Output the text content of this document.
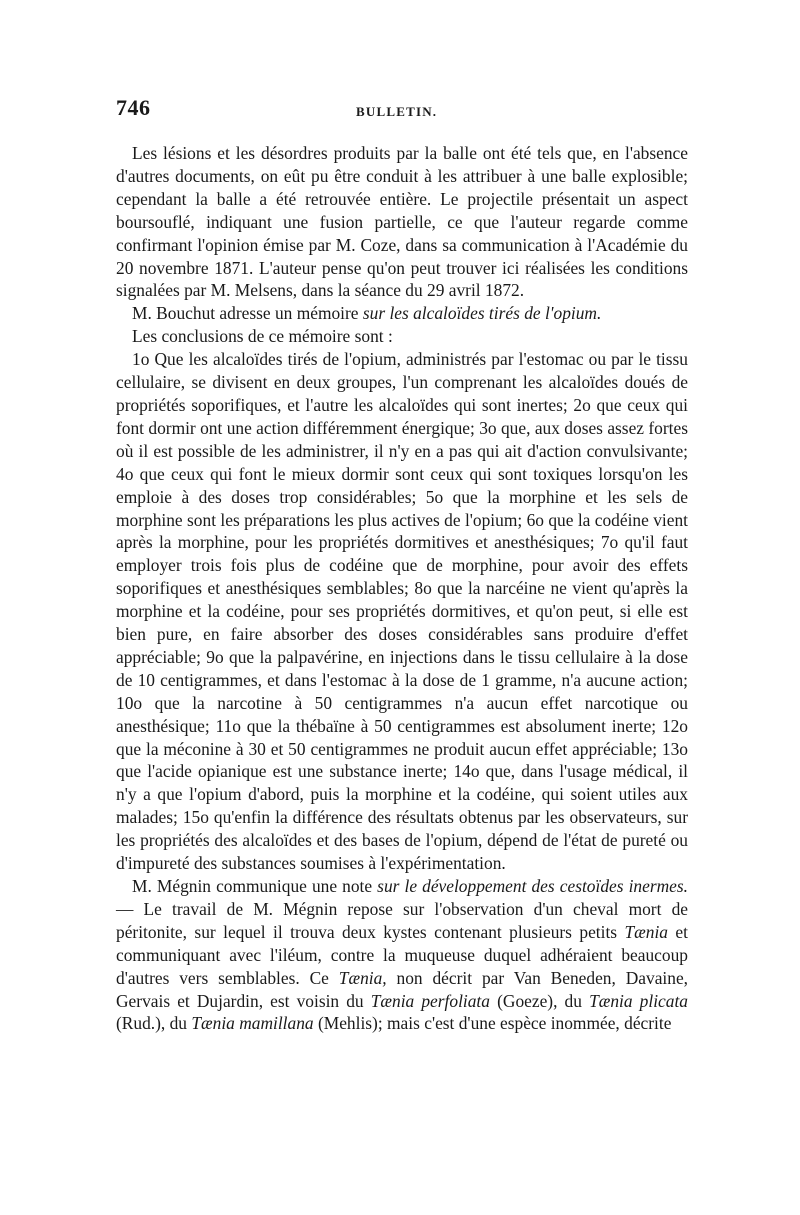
746	BULLETIN.

Les lésions et les désordres produits par la balle ont été tels que, en l'absence d'autres documents, on eût pu être conduit à les attribuer à une balle explosible; cependant la balle a été retrouvée entière. Le projectile présentait un aspect boursouflé, indiquant une fusion partielle, ce que l'auteur regarde comme confirmant l'opinion émise par M. Coze, dans sa communication à l'Académie du 20 novembre 1871. L'auteur pense qu'on peut trouver ici réalisées les conditions signalées par M. Melsens, dans la séance du 29 avril 1872.

M. Bouchut adresse un mémoire sur les alcaloïdes tirés de l'opium.

Les conclusions de ce mémoire sont :

1o Que les alcaloïdes tirés de l'opium, administrés par l'estomac ou par le tissu cellulaire, se divisent en deux groupes, l'un comprenant les alcaloïdes doués de propriétés soporifiques, et l'autre les alcaloïdes qui sont inertes; 2o que ceux qui font dormir ont une action différemment énergique; 3o que, aux doses assez fortes où il est possible de les administrer, il n'y en a pas qui ait d'action convulsivante; 4o que ceux qui font le mieux dormir sont ceux qui sont toxiques lorsqu'on les emploie à des doses trop considérables; 5o que la morphine et les sels de morphine sont les préparations les plus actives de l'opium; 6o que la codéine vient après la morphine, pour les propriétés dormitives et anesthésiques; 7o qu'il faut employer trois fois plus de codéine que de morphine, pour avoir des effets soporifiques et anesthésiques semblables; 8o que la narcéine ne vient qu'après la morphine et la codéine, pour ses propriétés dormitives, et qu'on peut, si elle est bien pure, en faire absorber des doses considérables sans produire d'effet appréciable; 9o que la palpavérine, en injections dans le tissu cellulaire à la dose de 10 centigrammes, et dans l'estomac à la dose de 1 gramme, n'a aucune action; 10o que la narcotine à 50 centigrammes n'a aucun effet narcotique ou anesthésique; 11o que la thébaïne à 50 centigrammes est absolument inerte; 12o que la méconine à 30 et 50 centigrammes ne produit aucun effet appréciable; 13o que l'acide opianique est une substance inerte; 14o que, dans l'usage médical, il n'y a que l'opium d'abord, puis la morphine et la codéine, qui soient utiles aux malades; 15o qu'enfin la différence des résultats obtenus par les observateurs, sur les propriétés des alcaloïdes et des bases de l'opium, dépend de l'état de pureté ou d'impureté des substances soumises à l'expérimentation.

M. Mégnin communique une note sur le développement des cestoïdes inermes. — Le travail de M. Mégnin repose sur l'observation d'un cheval mort de péritonite, sur lequel il trouva deux kystes contenant plusieurs petits Tænia et communiquant avec l'iléum, contre la muqueuse duquel adhéraient beaucoup d'autres vers semblables. Ce Tænia, non décrit par Van Beneden, Davaine, Gervais et Dujardin, est voisin du Tænia perfoliata (Goeze), du Tænia plicata (Rud.), du Tænia mamillana (Mehlis); mais c'est d'une espèce inommée, décrite
